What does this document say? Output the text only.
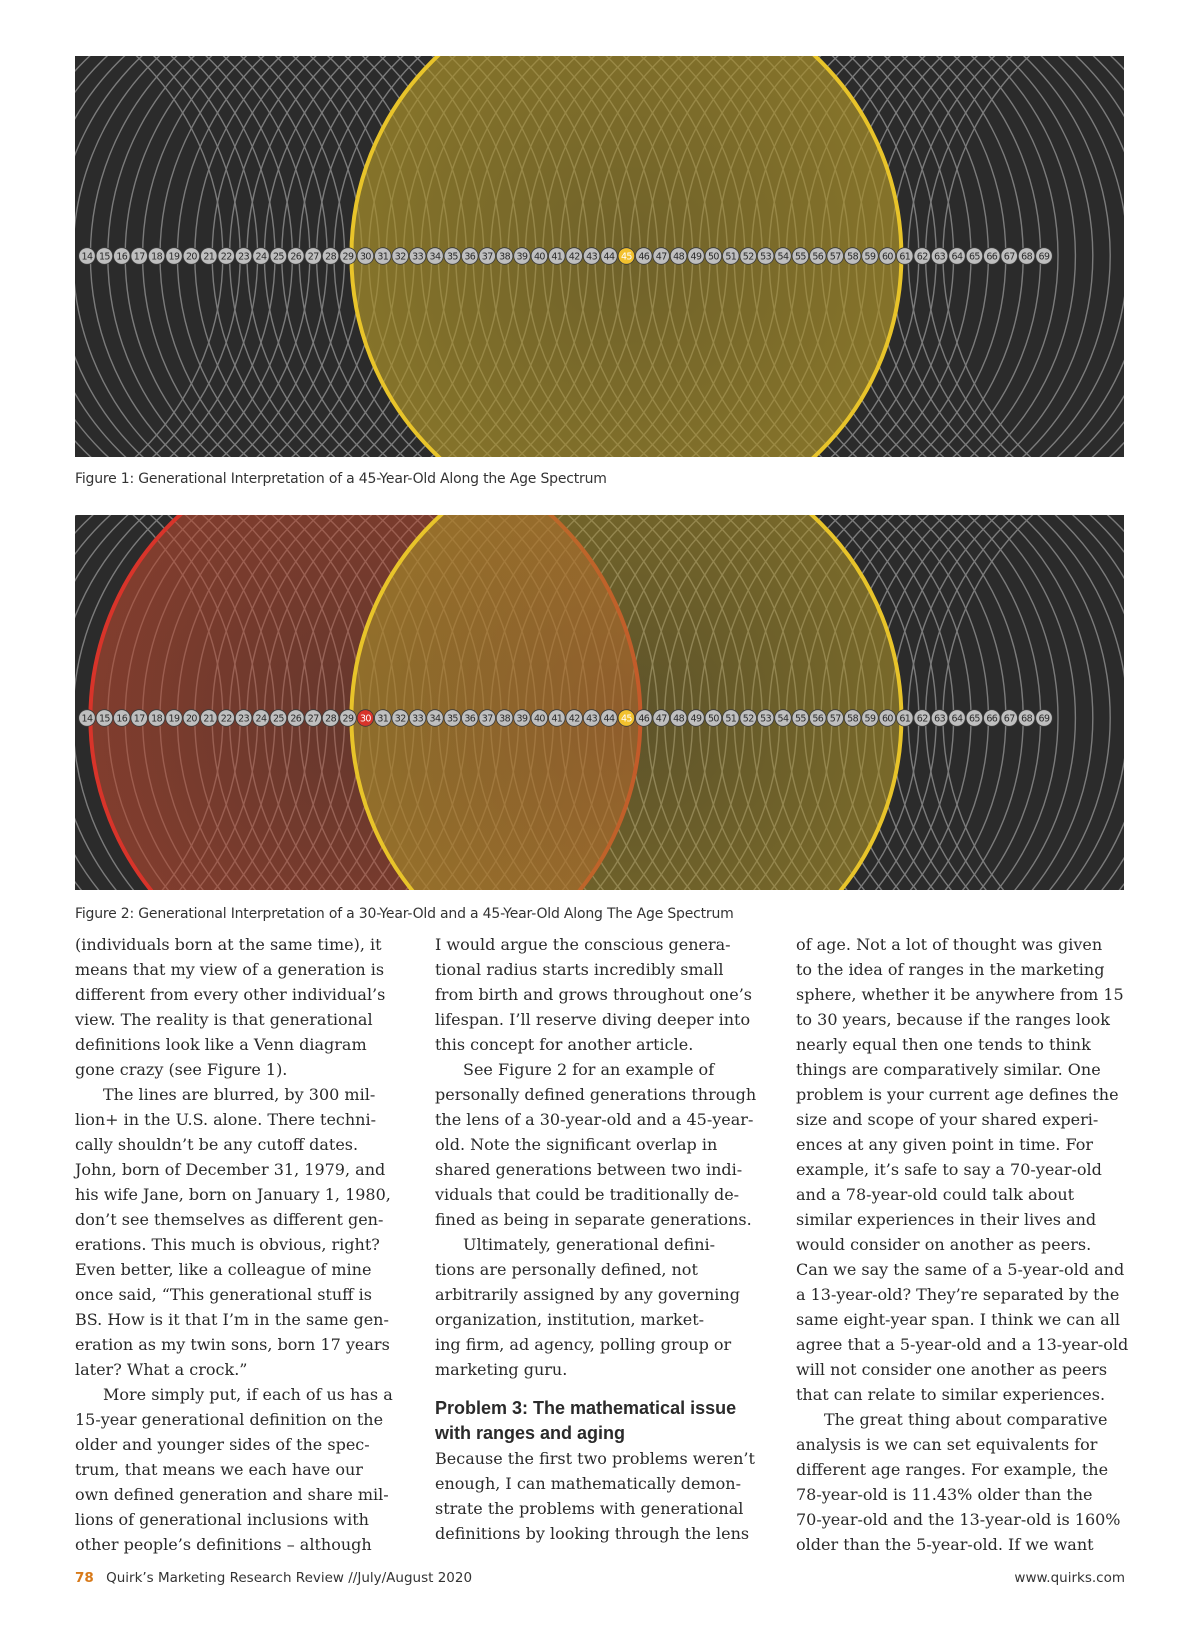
14 15 16 17 18 19 20 21 22 23 24 25 26 27 28 29 30 31 32 33 34 35 36 37 38 39 40 41 42 43 44 45 46 47 48 49 50 51 52 53 54 55 56 57 58 59 60 61 62 63 64 65 66 67 68 69
Figure 1: Generational Interpretation of a 45-Year-Old Along the Age Spectrum
14 15 16 17 18 19 20 21 22 23 24 25 26 27 28 29 30 31 32 33 34 35 36 37 38 39 40 41 42 43 44 45 46 47 48 49 50 51 52 53 54 55 56 57 58 59 60 61 62 63 64 65 66 67 68 69
Figure 2: Generational Interpretation of a 30-Year-Old and a 45-Year-Old Along The Age Spectrum
(individuals born at the same time), it
means that my view of a generation is
different from every other individual’s
view. The reality is that generational
definitions look like a Venn diagram
gone crazy (see Figure 1).
The lines are blurred, by 300 mil-
lion+ in the U.S. alone. There techni-
cally shouldn’t be any cutoff dates.
John, born of December 31, 1979, and
his wife Jane, born on January 1, 1980,
don’t see themselves as different gen-
erations. This much is obvious, right?
Even better, like a colleague of mine
once said, “This generational stuff is
BS. How is it that I’m in the same gen-
eration as my twin sons, born 17 years
later? What a crock.”
More simply put, if each of us has a
15-year generational definition on the
older and younger sides of the spec-
trum, that means we each have our
own defined generation and share mil-
lions of generational inclusions with
other people’s definitions – although
I would argue the conscious genera-
tional radius starts incredibly small
from birth and grows throughout one’s
lifespan. I’ll reserve diving deeper into
this concept for another article.
See Figure 2 for an example of
personally defined generations through
the lens of a 30-year-old and a 45-year-
old. Note the significant overlap in
shared generations between two indi-
viduals that could be traditionally de-
fined as being in separate generations.
Ultimately, generational defini-
tions are personally defined, not
arbitrarily assigned by any governing
organization, institution, market-
ing firm, ad agency, polling group or
marketing guru.
Problem 3: The mathematical issue
with ranges and aging
Because the first two problems weren’t
enough, I can mathematically demon-
strate the problems with generational
definitions by looking through the lens
of age. Not a lot of thought was given
to the idea of ranges in the marketing
sphere, whether it be anywhere from 15
to 30 years, because if the ranges look
nearly equal then one tends to think
things are comparatively similar. One
problem is your current age defines the
size and scope of your shared experi-
ences at any given point in time. For
example, it’s safe to say a 70-year-old
and a 78-year-old could talk about
similar experiences in their lives and
would consider on another as peers.
Can we say the same of a 5-year-old and
a 13-year-old? They’re separated by the
same eight-year span. I think we can all
agree that a 5-year-old and a 13-year-old
will not consider one another as peers
that can relate to similar experiences.
The great thing about comparative
analysis is we can set equivalents for
different age ranges. For example, the
78-year-old is 11.43% older than the
70-year-old and the 13-year-old is 160%
older than the 5-year-old. If we want
78 Quirk’s Marketing Research Review //July/August 2020	www.quirks.com
